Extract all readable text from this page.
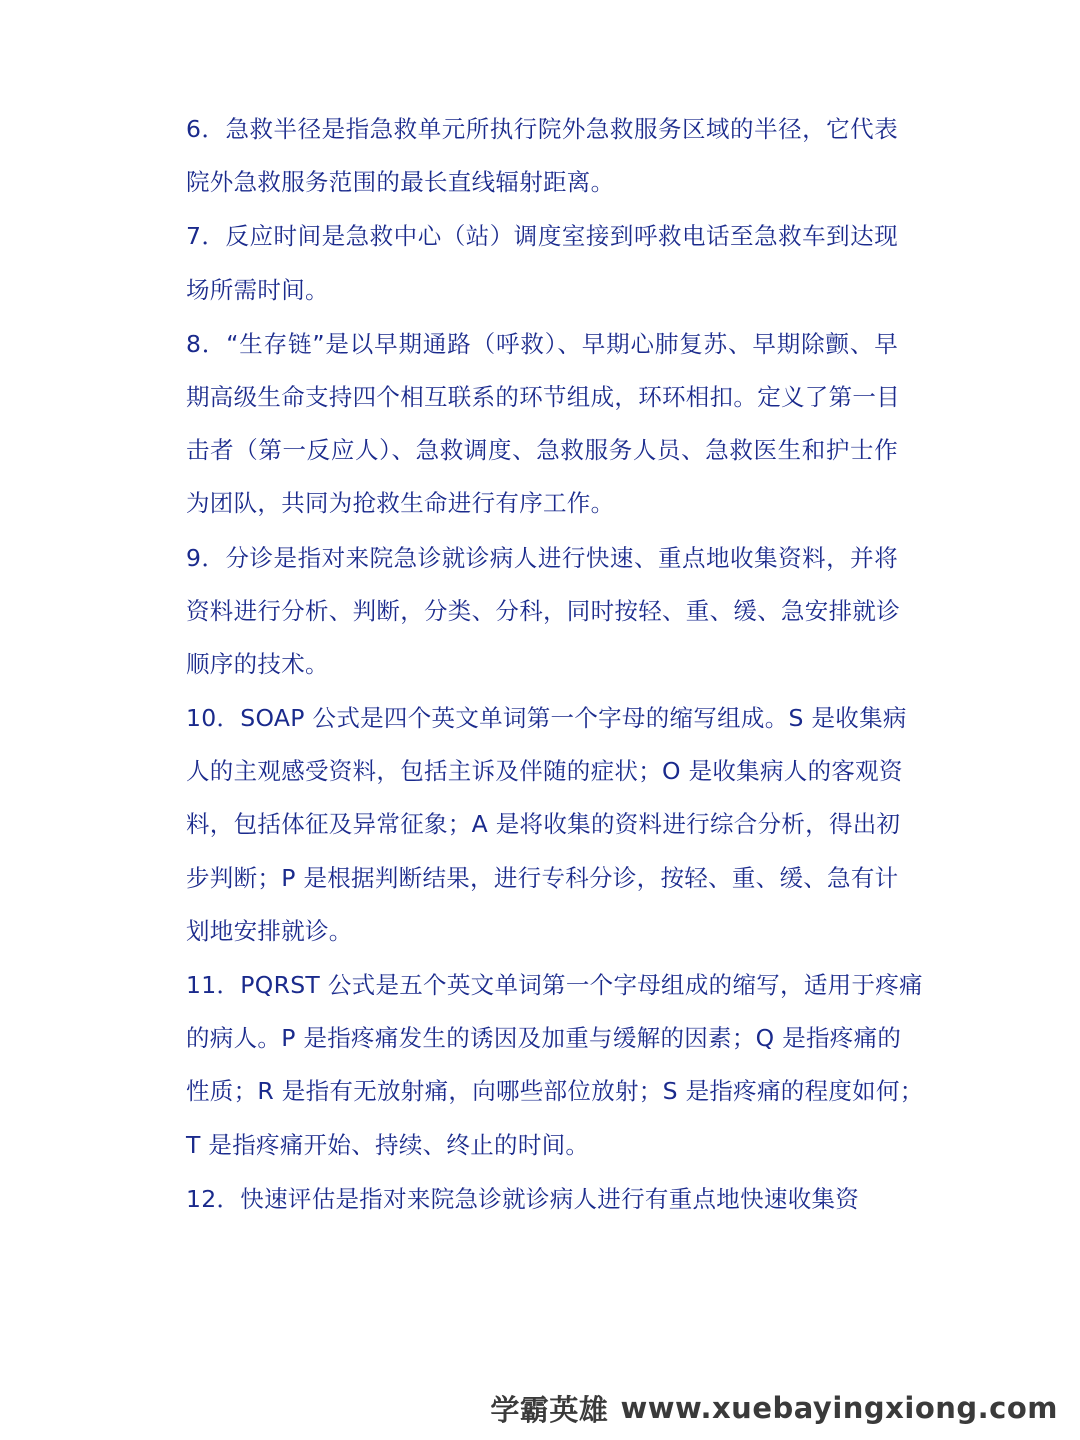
6．急救半径是指急救单元所执行院外急救服务区域的半径，它代表
院外急救服务范围的最长直线辐射距离。
7．反应时间是急救中心（站）调度室接到呼救电话至急救车到达现
场所需时间。
8．“生存链”是以早期通路（呼救）、早期心肺复苏、早期除颤、早
期高级生命支持四个相互联系的环节组成，环环相扣。定义了第一目
击者（第一反应人）、急救调度、急救服务人员、急救医生和护士作
为团队，共同为抢救生命进行有序工作。
9．分诊是指对来院急诊就诊病人进行快速、重点地收集资料，并将
资料进行分析、判断，分类、分科，同时按轻、重、缓、急安排就诊
顺序的技术。
10．SOAP 公式是四个英文单词第一个字母的缩写组成。S 是收集病
人的主观感受资料，包括主诉及伴随的症状；O 是收集病人的客观资
料，包括体征及异常征象；A 是将收集的资料进行综合分析，得出初
步判断；P 是根据判断结果，进行专科分诊，按轻、重、缓、急有计
划地安排就诊。
11．PQRST 公式是五个英文单词第一个字母组成的缩写，适用于疼痛
的病人。P 是指疼痛发生的诱因及加重与缓解的因素；Q 是指疼痛的
性质；R 是指有无放射痛，向哪些部位放射；S 是指疼痛的程度如何；
T 是指疼痛开始、持续、终止的时间。
12．快速评估是指对来院急诊就诊病人进行有重点地快速收集资
学霸英雄 www.xuebayingxiong.com
